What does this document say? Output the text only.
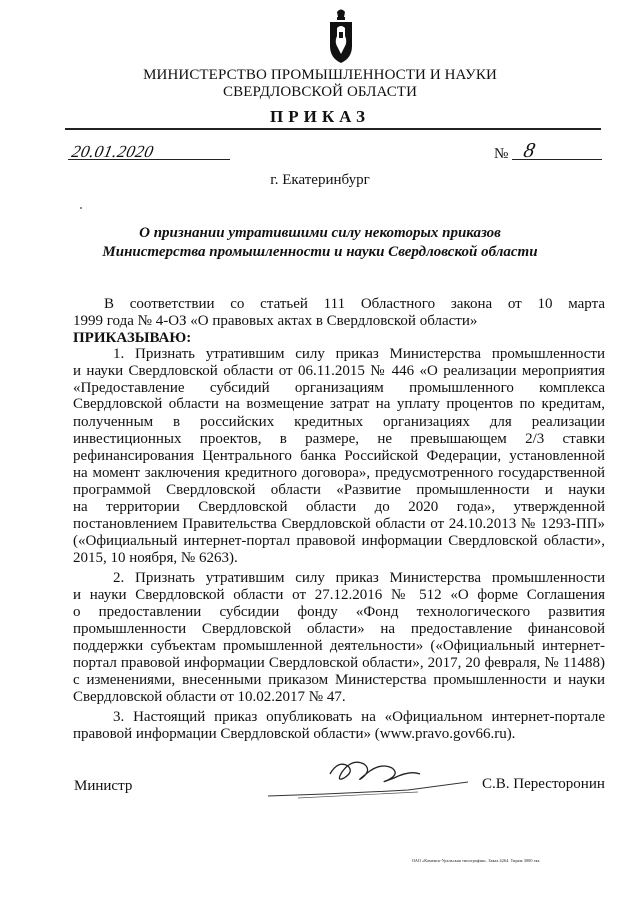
МИНИСТЕРСТВО ПРОМЫШЛЕННОСТИ И НАУКИ
СВЕРДЛОВСКОЙ ОБЛАСТИ
ПРИКАЗ
20.01.2020	№ 8
г. Екатеринбург
О признании утратившими силу некоторых приказов
Министерства промышленности и науки Свердловской области
В соответствии со статьей 111 Областного закона от 10 марта
1999 года № 4-ОЗ «О правовых актах в Свердловской области»
ПРИКАЗЫВАЮ:
1. Признать утратившим силу приказ Министерства промышленности
и науки Свердловской области от 06.11.2015 № 446 «О реализации мероприятия
«Предоставление субсидий организациям промышленного комплекса
Свердловской области на возмещение затрат на уплату процентов по кредитам,
полученным в российских кредитных организациях для реализации
инвестиционных проектов, в размере, не превышающем 2/3 ставки
рефинансирования Центрального банка Российской Федерации, установленной
на момент заключения кредитного договора», предусмотренного государственной
программой Свердловской области «Развитие промышленности и науки
на территории Свердловской области до 2020 года», утвержденной
постановлением Правительства Свердловской области от 24.10.2013 № 1293-ПП»
(«Официальный интернет-портал правовой информации Свердловской области»,
2015, 10 ноября, № 6263).
2. Признать утратившим силу приказ Министерства промышленности
и науки Свердловской области от 27.12.2016 № 512 «О форме Соглашения
о предоставлении субсидии фонду «Фонд технологического развития
промышленности Свердловской области» на предоставление финансовой
поддержки субъектам промышленной деятельности» («Официальный интернет-
портал правовой информации Свердловской области», 2017, 20 февраля, № 11488)
с изменениями, внесенными приказом Министерства промышленности и науки
Свердловской области от 10.02.2017 № 47.
3. Настоящий приказ опубликовать на «Официальном интернет-портале
правовой информации Свердловской области» (www.pravo.gov66.ru).
Министр	С.В. Пересторонин
ОАО «Каменск-Уральская типография». Заказ 4264. Тираж 3000 экз.
